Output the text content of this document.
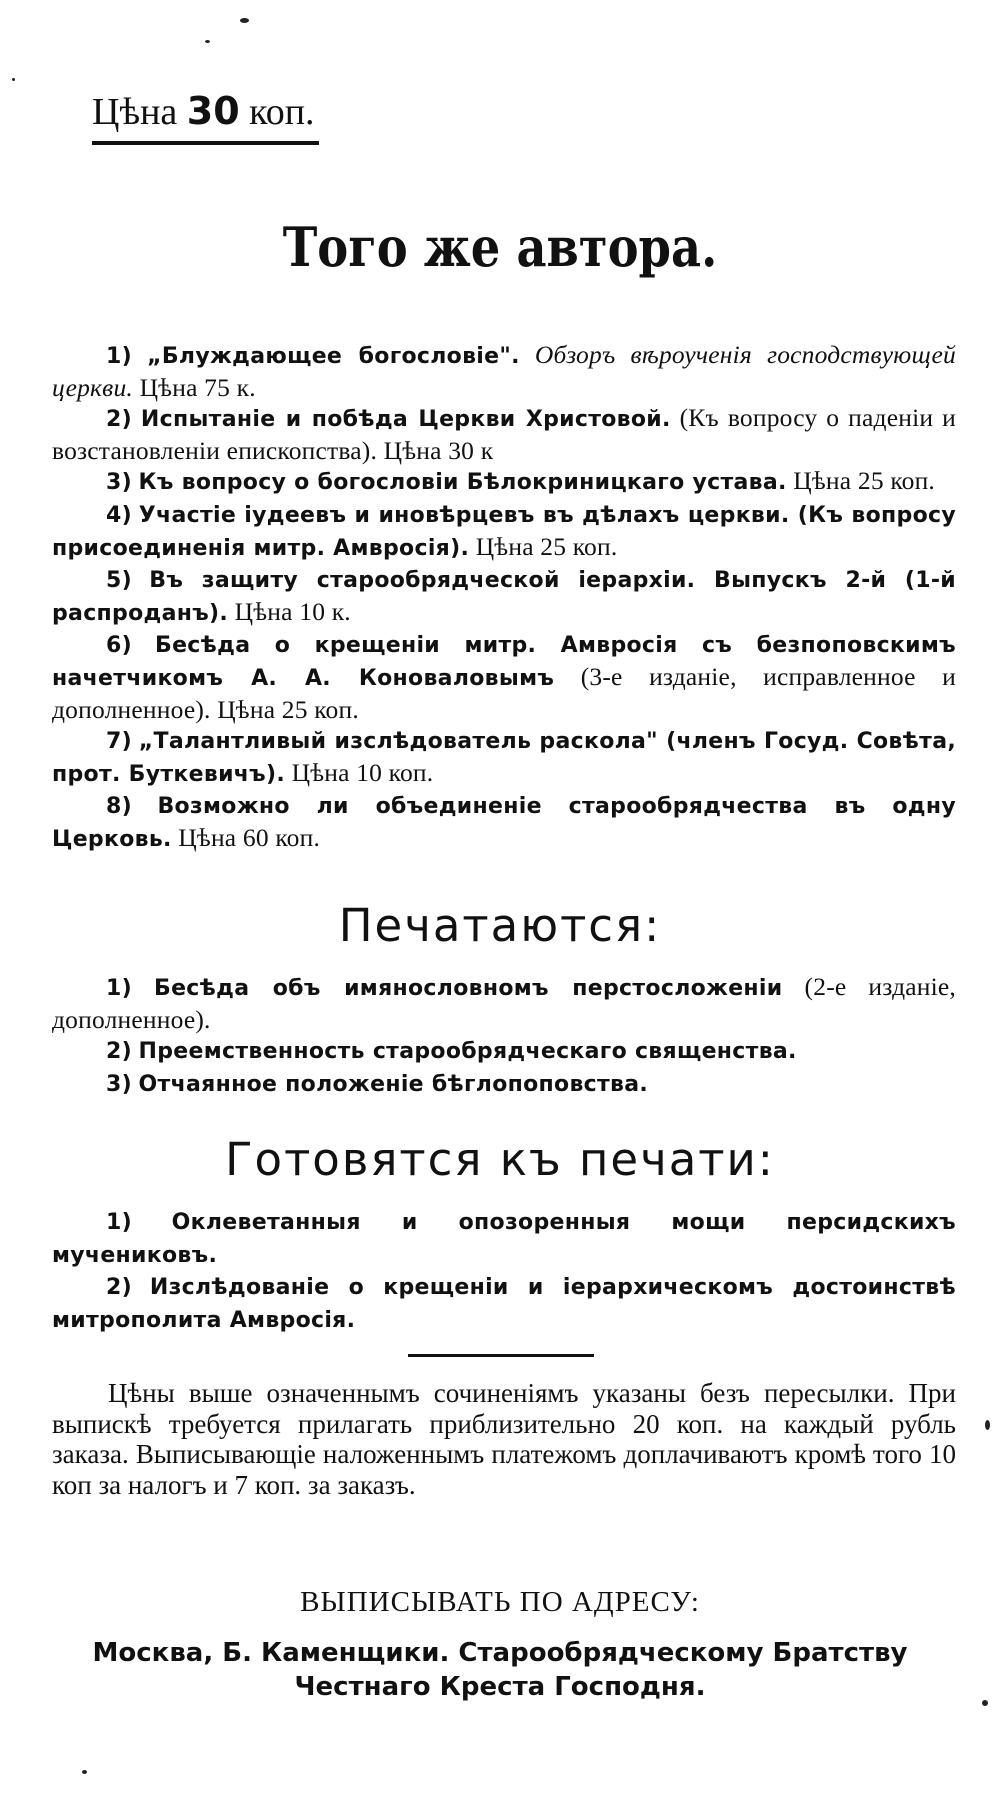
Цѣна 30 коп.
Того же автора.

1) „Блуждающее богословіе". Обзоръ вѣроученія господствующей церкви. Цѣна 75 к.

2) Испытаніе и побѣда Церкви Христовой. (Къ вопросу о паденіи и возстановленіи епископства). Цѣна 30 к

3) Къ вопросу о богословіи Бѣлокриницкаго устава. Цѣна 25 коп.

4) Участіе іудеевъ и иновѣрцевъ въ дѣлахъ церкви. (Къ вопросу присоединенія митр. Амвросія). Цѣна 25 коп.

5) Въ защиту старообрядческой іерархіи. Выпускъ 2-й (1-й распроданъ). Цѣна 10 к.

6) Бесѣда о крещеніи митр. Амвросія съ безпоповскимъ начетчикомъ А. А. Коноваловымъ (3-е изданіе, исправленное и дополненное). Цѣна 25 коп.

7) „Талантливый изслѣдователь раскола" (членъ Госуд. Совѣта, прот. Буткевичъ). Цѣна 10 коп.

8) Возможно ли объединеніе старообрядчества въ одну Церковь. Цѣна 60 коп.

Печатаются:

1) Бесѣда объ имянословномъ перстосложеніи (2-е изданіе, дополненное).

2) Преемственность старообрядческаго священства.

3) Отчаянное положеніе бѣглопоповства.

Готовятся къ печати:

1) Оклеветанныя и опозоренныя мощи персидскихъ мучениковъ.

2) Изслѣдованіе о крещеніи и іерархическомъ достоинствѣ митрополита Амвросія.

Цѣны выше означеннымъ сочиненіямъ указаны безъ пересылки. При выпискѣ требуется прилагать приблизительно 20 коп. на каждый рубль заказа. Выписывающіе наложеннымъ платежомъ доплачиваютъ кромѣ того 10 коп за налогъ и 7 коп. за заказъ.

ВЫПИСЫВАТЬ ПО АДРЕСУ:

Москва, Б. Каменщики. Старообрядческому Братству Честнаго Креста Господня.
